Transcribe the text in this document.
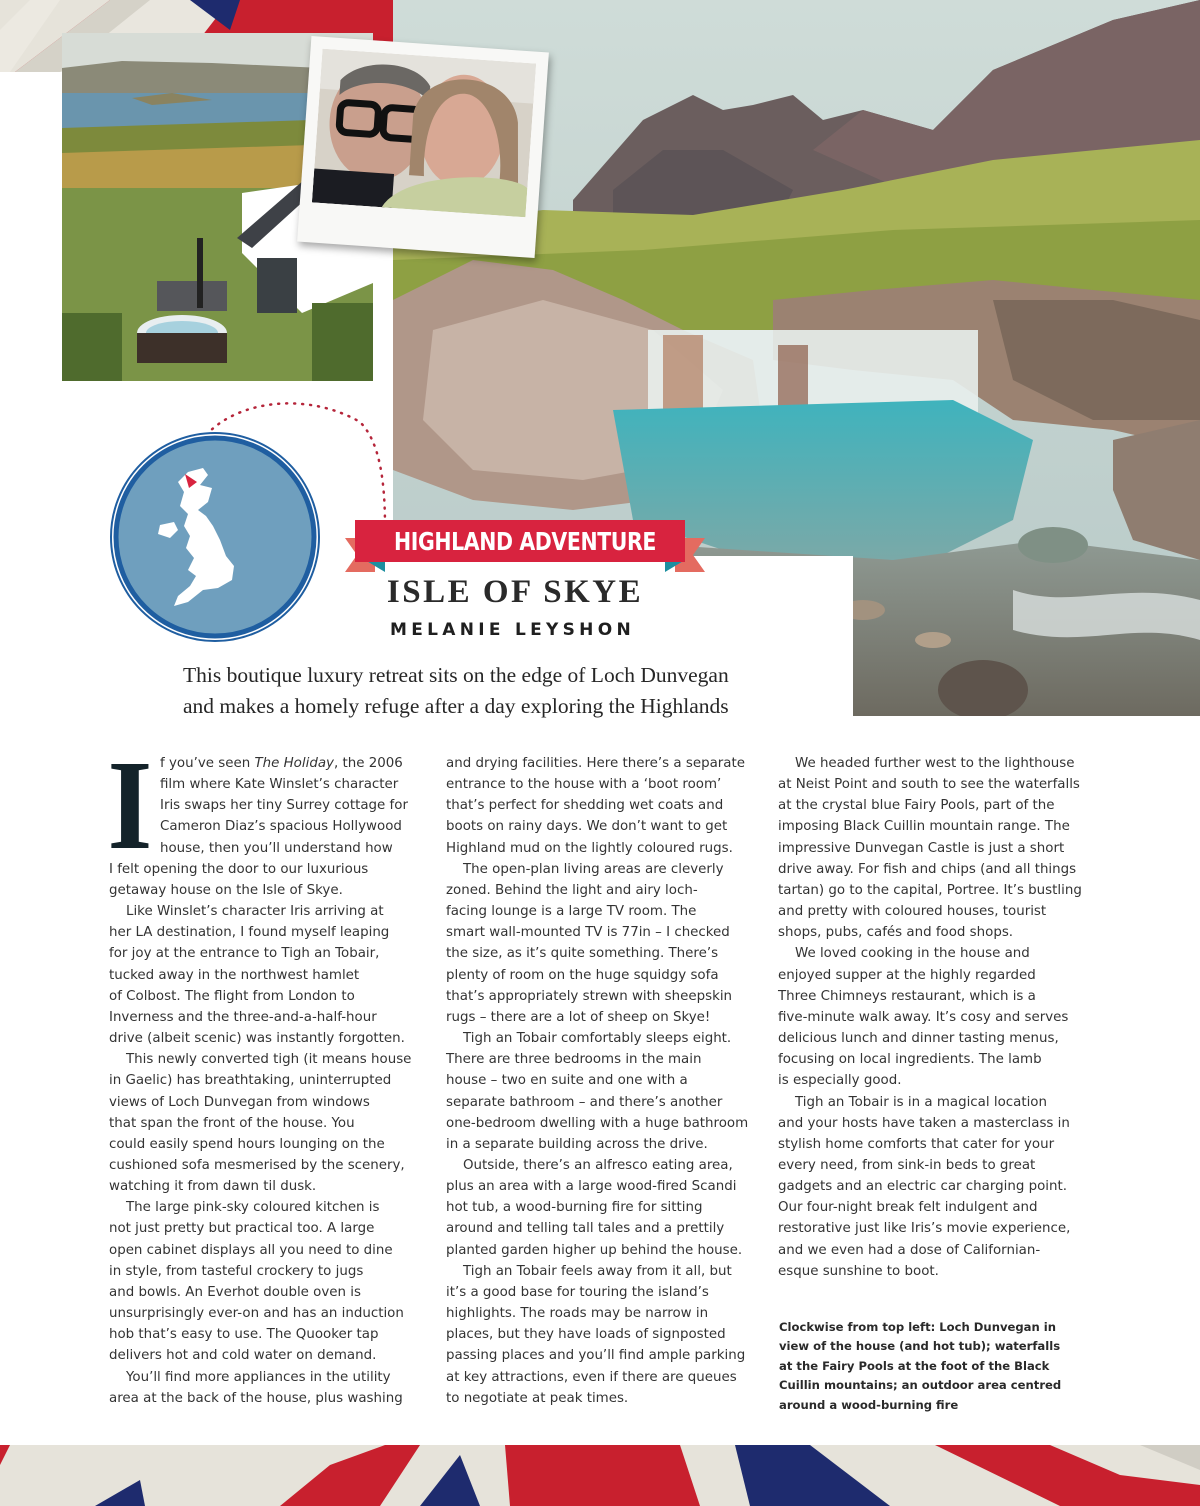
HIGHLAND ADVENTURE
ISLE OF SKYE
MELANIE LEYSHON

This boutique luxury retreat sits on the edge of Loch Dunvegan

and makes a homely refuge after a day exploring the Highlands

I f you’ve seen The Holiday, the 2006

film where Kate Winslet’s character

Iris swaps her tiny Surrey cottage for

Cameron Diaz’s spacious Hollywood

house, then you’ll understand how

I felt opening the door to our luxurious

getaway house on the Isle of Skye.

Like Winslet’s character Iris arriving at

her LA destination, I found myself leaping

for joy at the entrance to Tigh an Tobair,

tucked away in the northwest hamlet

of Colbost. The flight from London to

Inverness and the three-and-a-half-hour

drive (albeit scenic) was instantly forgotten.

This newly converted tigh (it means house

in Gaelic) has breathtaking, uninterrupted

views of Loch Dunvegan from windows

that span the front of the house. You

could easily spend hours lounging on the

cushioned sofa mesmerised by the scenery,

watching it from dawn til dusk.

The large pink-sky coloured kitchen is

not just pretty but practical too. A large

open cabinet displays all you need to dine

in style, from tasteful crockery to jugs

and bowls. An Everhot double oven is

unsurprisingly ever-on and has an induction

hob that’s easy to use. The Quooker tap

delivers hot and cold water on demand.

You’ll find more appliances in the utility

area at the back of the house, plus washing

and drying facilities. Here there’s a separate

entrance to the house with a ‘boot room’

that’s perfect for shedding wet coats and

boots on rainy days. We don’t want to get

Highland mud on the lightly coloured rugs.

The open-plan living areas are cleverly

zoned. Behind the light and airy loch-

facing lounge is a large TV room. The

smart wall-mounted TV is 77in – I checked

the size, as it’s quite something. There’s

plenty of room on the huge squidgy sofa

that’s appropriately strewn with sheepskin

rugs – there are a lot of sheep on Skye!

Tigh an Tobair comfortably sleeps eight.

There are three bedrooms in the main

house – two en suite and one with a

separate bathroom – and there’s another

one-bedroom dwelling with a huge bathroom

in a separate building across the drive.

Outside, there’s an alfresco eating area,

plus an area with a large wood-fired Scandi

hot tub, a wood-burning fire for sitting

around and telling tall tales and a prettily

planted garden higher up behind the house.

Tigh an Tobair feels away from it all, but

it’s a good base for touring the island’s

highlights. The roads may be narrow in

places, but they have loads of signposted

passing places and you’ll find ample parking

at key attractions, even if there are queues

to negotiate at peak times.

We headed further west to the lighthouse

at Neist Point and south to see the waterfalls

at the crystal blue Fairy Pools, part of the

imposing Black Cuillin mountain range. The

impressive Dunvegan Castle is just a short

drive away. For fish and chips (and all things

tartan) go to the capital, Portree. It’s bustling

and pretty with coloured houses, tourist

shops, pubs, cafés and food shops.

We loved cooking in the house and

enjoyed supper at the highly regarded

Three Chimneys restaurant, which is a

five-minute walk away. It’s cosy and serves

delicious lunch and dinner tasting menus,

focusing on local ingredients. The lamb

is especially good.

Tigh an Tobair is in a magical location

and your hosts have taken a masterclass in

stylish home comforts that cater for your

every need, from sink-in beds to great

gadgets and an electric car charging point.

Our four-night break felt indulgent and

restorative just like Iris’s movie experience,

and we even had a dose of Californian-

esque sunshine to boot.

Clockwise from top left: Loch Dunvegan in

view of the house (and hot tub); waterfalls

at the Fairy Pools at the foot of the Black

Cuillin mountains; an outdoor area centred

around a wood-burning fire
